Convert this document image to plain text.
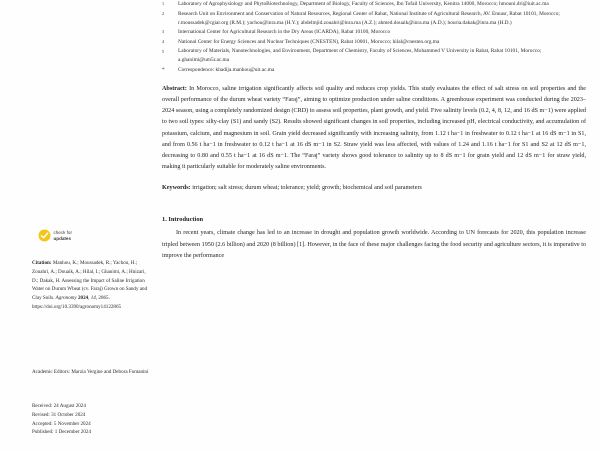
check for
updates
Citation: Manhou, K.; Moussadek, R.; Yachou, H.; Zouahri, A.; Douaik, A.; Hilal, I.; Ghanimi, A.; Hnizari, D.; Dakak, H. Assessing the Impact of Saline Irrigation Water on Durum Wheat (cv. Faraj) Grown on Sandy and Clay Soils. Agronomy 2024, 14, 2865. https://doi.org/10.3390/agronomy14122865
Academic Editors: Marzia Vergine and Debora Fontanini
Received: 24 August 2024
Revised: 31 October 2024
Accepted: 5 November 2024
Published: 1 December 2024
1	Laboratory of Agrophysiology and PhytoBiotechnology, Department of Biology, Faculty of Sciences, Ibn Tofail University, Kenitra 14000, Morocco; hmouni.dri@iuit.ac.ma
2	Research Unit on Environment and Conservation of Natural Resources, Regional Center of Rabat, National Institute of Agricultural Research, AV. Ennasr, Rabat 10101, Morocco; r.moussadek@cgiar.org (R.M.); yachou@inra.ma (H.Y.); abdelmjid.zouahri@inra.ma (A.Z.); ahmed.douaik@inra.ma (A.D.); houria.dakak@inra.ma (H.D.)
3	International Center for Agricultural Research in the Dry Areas (ICARDA), Rabat 10100, Morocco
4	National Center for Energy Sciences and Nuclear Techniques (CNESTEN), Rabat 10001, Morocco; hilal@cnesten.org.ma
5	Laboratory of Materials, Nanotechnologies, and Environment, Department of Chemistry, Faculty of Sciences, Mohammed V University in Rabat, Rabat 10101, Morocco; a.ghanimi@um5r.ac.ma
*	Correspondence: khadija.manhou@uit.ac.ma
Abstract: In Morocco, saline irrigation significantly affects soil quality and reduces crop yields. This study evaluates the effect of salt stress on soil properties and the overall performance of the durum wheat variety “Faraj”, aiming to optimize production under saline conditions. A greenhouse experiment was conducted during the 2023–2024 season, using a completely randomized design (CRD) to assess soil properties, plant growth, and yield. Five salinity levels (0.2, 4, 8, 12, and 16 dS m−1) were applied to two soil types: silty-clay (S1) and sandy (S2). Results showed significant changes in soil properties, including increased pH, electrical conductivity, and accumulation of potassium, calcium, and magnesium in soil. Grain yield decreased significantly with increasing salinity, from 1.12 t ha−1 in freshwater to 0.12 t ha−1 at 16 dS m−1 in S1, and from 0.56 t ha−1 in freshwater to 0.12 t ha−1 at 16 dS m−1 in S2. Straw yield was less affected, with values of 1.24 and 1.16 t ha−1 for S1 and S2 at 12 dS m−1, decreasing to 0.80 and 0.55 t ha−1 at 16 dS m−1. The “Faraj” variety shows good tolerance to salinity up to 8 dS m−1 for grain yield and 12 dS m−1 for straw yield, making it particularly suitable for moderately saline environments.
Keywords: irrigation; salt stress; durum wheat; tolerance; yield; growth; biochemical and soil parameters
1. Introduction
In recent years, climate change has led to an increase in drought and population growth worldwide. According to UN forecasts for 2020, this population increase tripled between 1950 (2.6 billion) and 2020 (8 billion) [1]. However, in the face of these major challenges facing the food security and agriculture sectors, it is imperative to improve the performance
